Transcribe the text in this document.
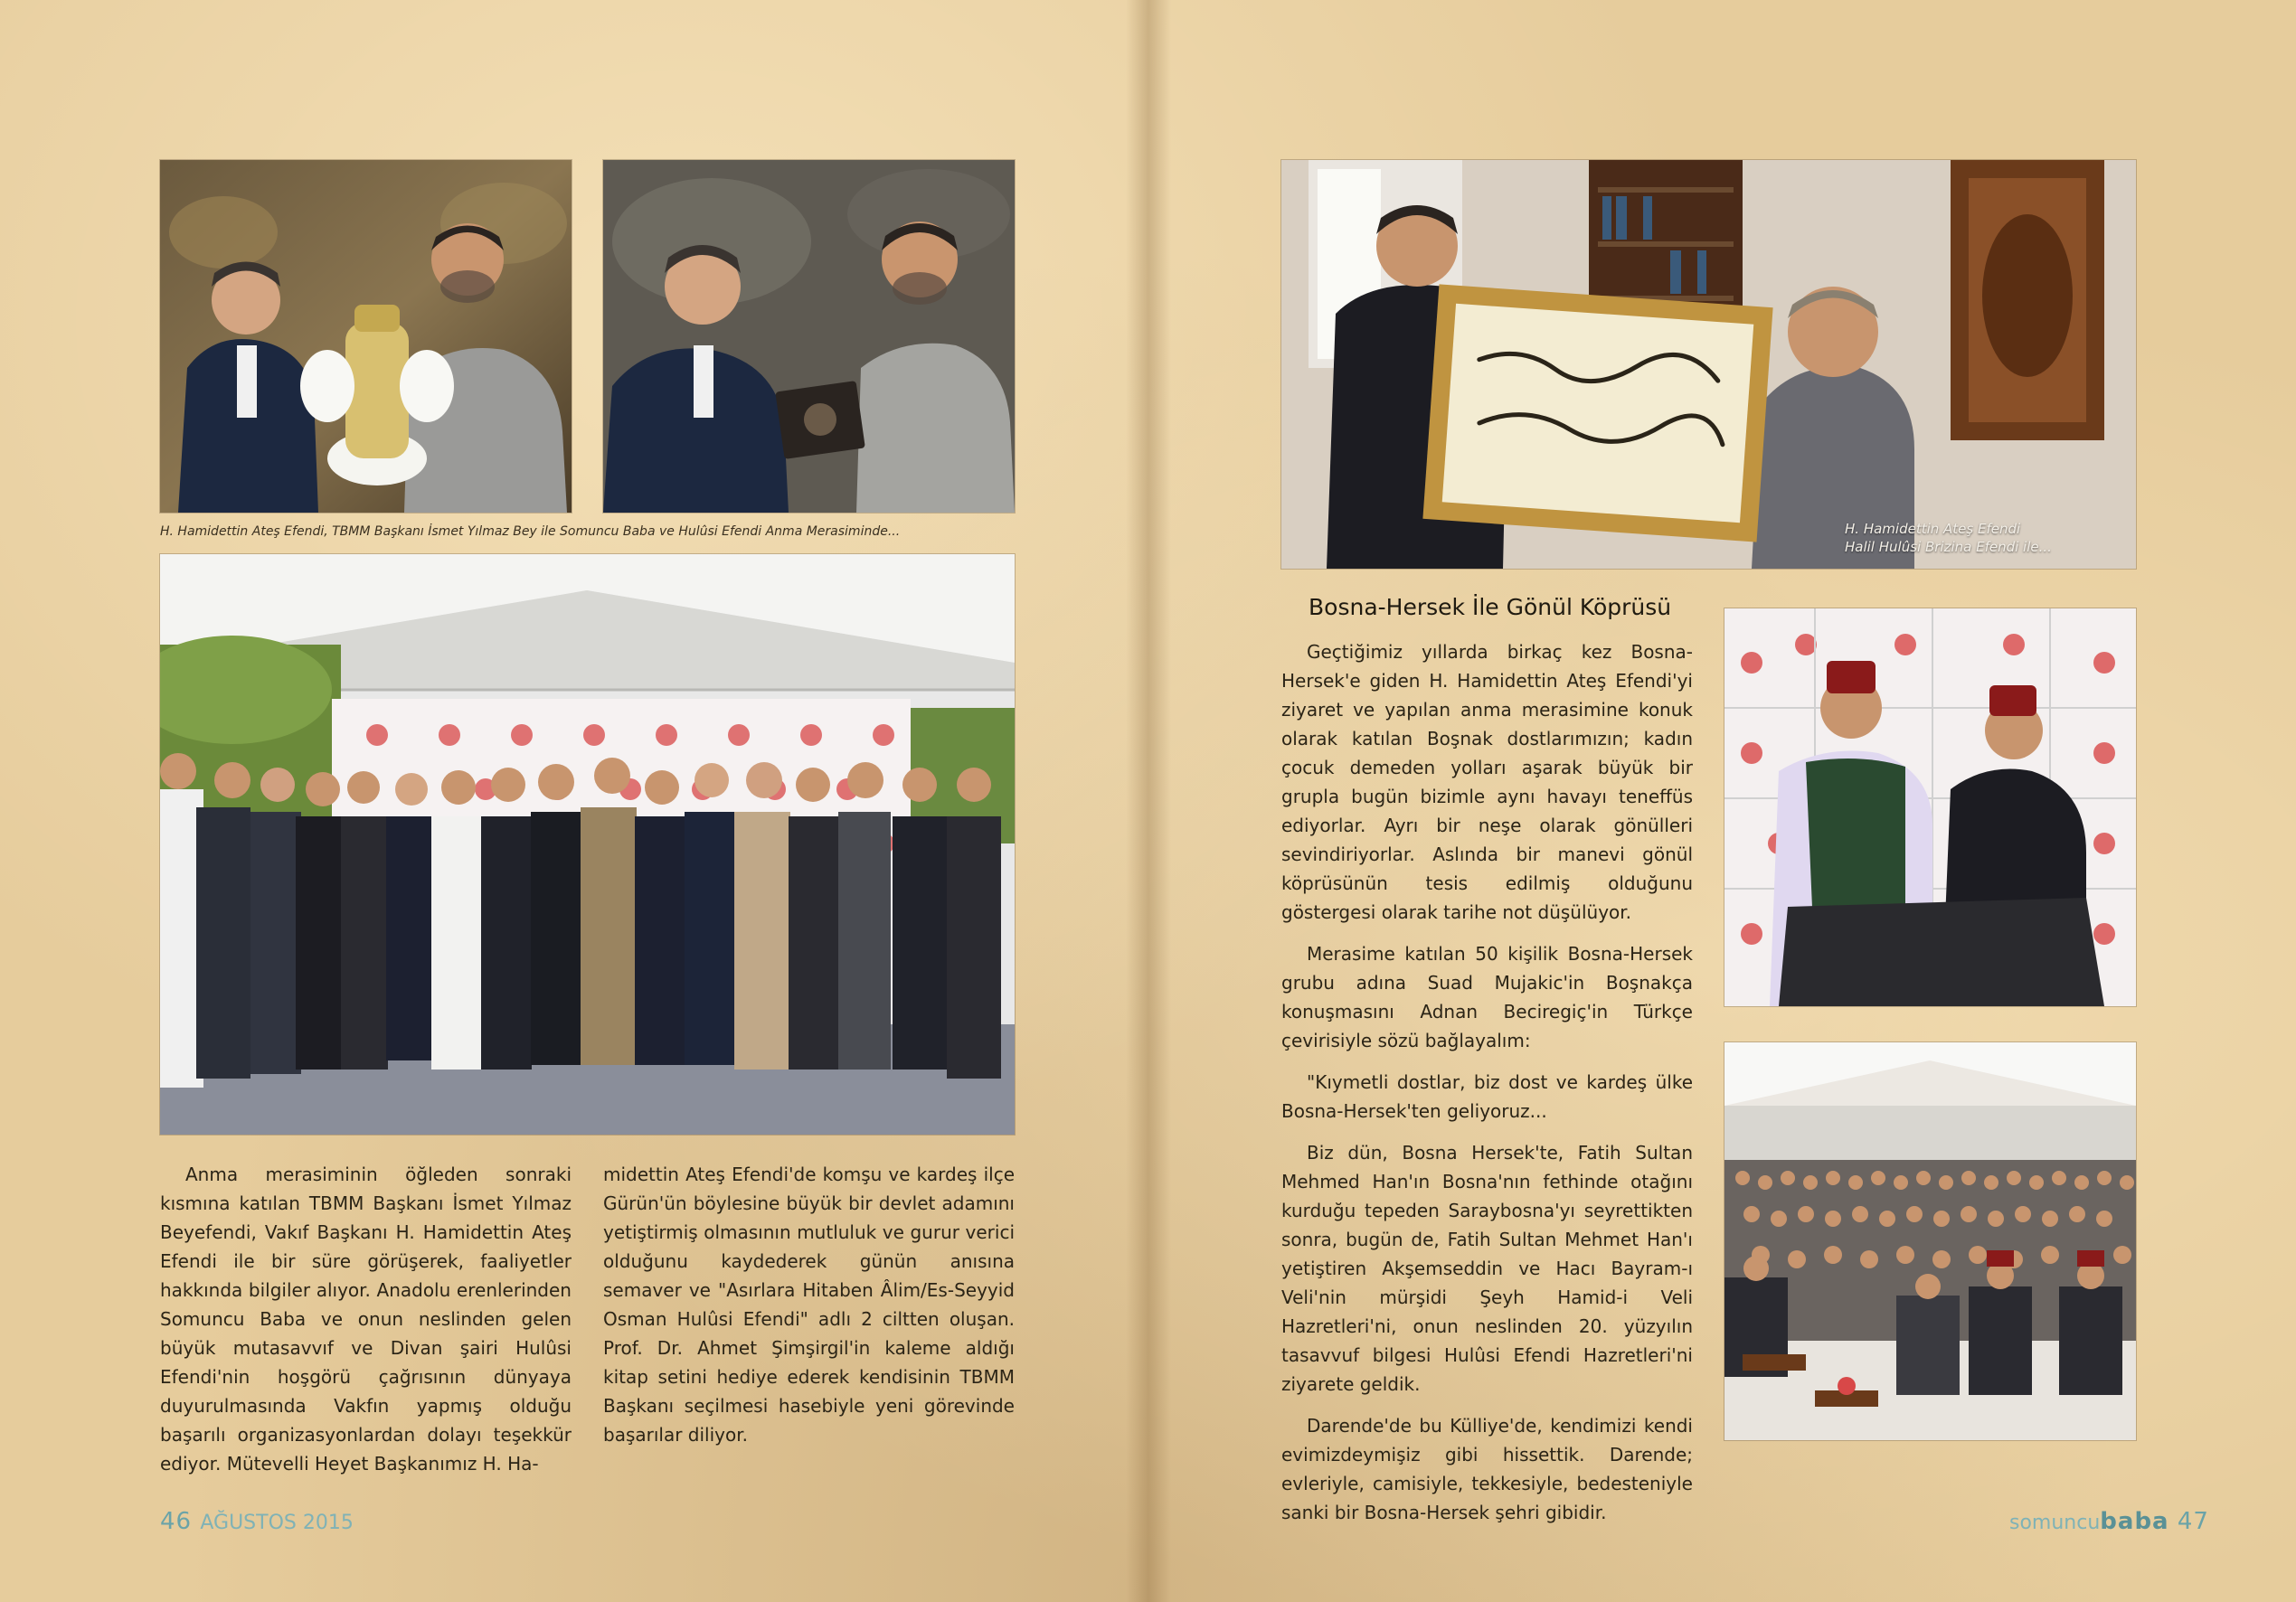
H. Hamidettin Ateş Efendi, TBMM Başkanı İsmet Yılmaz Bey ile Somuncu Baba ve Hulûsi Efendi Anma Merasiminde...

Anma merasiminin öğleden sonraki kısmına katılan TBMM Başkanı İsmet Yılmaz Beyefendi, Vakıf Başkanı H. Hamidettin Ateş Efendi ile bir süre görüşerek, faaliyetler hakkında bilgiler alıyor. Anadolu erenlerinden Somuncu Baba ve onun neslinden gelen büyük mutasavvıf ve Divan şairi Hulûsi Efendi'nin hoşgörü çağrısının dünyaya duyurulmasında Vakfın yapmış olduğu başarılı organizasyonlardan dolayı teşekkür ediyor. Mütevelli Heyet Başkanımız H. Ha-

midettin Ateş Efendi'de komşu ve kardeş ilçe Gürün'ün böylesine büyük bir devlet adamını yetiştirmiş olmasının mutluluk ve gurur verici olduğunu kaydederek günün anısına semaver ve "Asırlara Hitaben Âlim/Es-Seyyid Osman Hulûsi Efendi" adlı 2 ciltten oluşan. Prof. Dr. Ahmet Şimşirgil'in kaleme aldığı kitap setini hediye ederek kendisinin TBMM Başkanı seçilmesi hasebiyle yeni görevinde başarılar diliyor.

46 AĞUSTOS 2015
H. Hamidettin Ateş Efendi
Halil Hulûsi Brizina Efendi ile...
Bosna-Hersek İle Gönül Köprüsü

Geçtiğimiz yıllarda birkaç kez Bosna- Hersek'e giden H. Hamidettin Ateş Efendi'yi ziyaret ve yapılan anma merasimine konuk olarak katılan Boşnak dostlarımızın; kadın çocuk demeden yolları aşarak büyük bir grupla bugün bizimle aynı havayı teneffüs ediyorlar. Ayrı bir neşe olarak gönülleri sevindiriyorlar. Aslında bir manevi gönül köprüsünün tesis edilmiş olduğunu göstergesi olarak tarihe not düşülüyor.

Merasime katılan 50 kişilik Bosna-Hersek grubu adına Suad Mujakic'in Boşnakça konuşmasını Adnan Beciregiç'in Türkçe çevirisiyle sözü bağlayalım:

"Kıymetli dostlar, biz dost ve kardeş ülke Bosna-Hersek'ten geliyoruz...

Biz dün, Bosna Hersek'te, Fatih Sultan Mehmed Han'ın Bosna'nın fethinde otağını kurduğu tepeden Saraybosna'yı seyrettikten sonra, bugün de, Fatih Sultan Mehmet Han'ı yetiştiren Akşemseddin ve Hacı Bayram-ı Veli'nin mürşidi Şeyh Hamid-i Veli Hazretleri'ni, onun neslinden 20. yüzyılın tasavvuf bilgesi Hulûsi Efendi Hazretleri'ni ziyarete geldik.

Darende'de bu Külliye'de, kendimizi kendi evimizdeymişiz gibi hissettik. Darende; evleriyle, camisiyle, tekkesiyle, bedesteniyle sanki bir Bosna-Hersek şehri gibidir.	somuncubaba 47
